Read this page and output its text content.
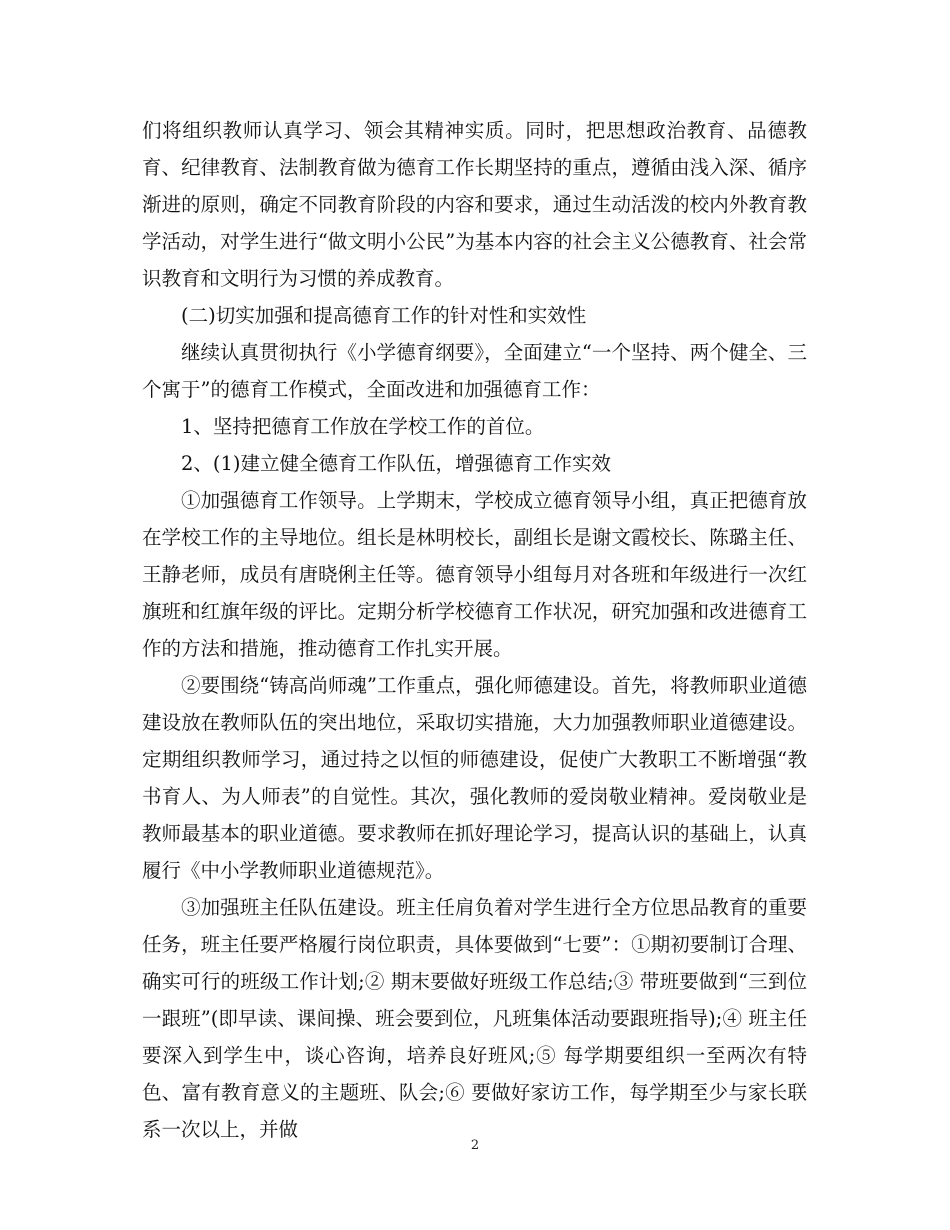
们将组织教师认真学习、领会其精神实质。同时，把思想政治教育、品德教育、纪律教育、法制教育做为德育工作长期坚持的重点，遵循由浅入深、循序渐进的原则，确定不同教育阶段的内容和要求，通过生动活泼的校内外教育教学活动，对学生进行“做文明小公民”为基本内容的社会主义公德教育、社会常识教育和文明行为习惯的养成教育。

(二)切实加强和提高德育工作的针对性和实效性

继续认真贯彻执行《小学德育纲要》，全面建立“一个坚持、两个健全、三个寓于”的德育工作模式，全面改进和加强德育工作：

1、坚持把德育工作放在学校工作的首位。

2、(1)建立健全德育工作队伍，增强德育工作实效

①加强德育工作领导。上学期末，学校成立德育领导小组，真正把德育放在学校工作的主导地位。组长是林明校长，副组长是谢文霞校长、陈璐主任、王静老师，成员有唐晓俐主任等。德育领导小组每月对各班和年级进行一次红旗班和红旗年级的评比。定期分析学校德育工作状况，研究加强和改进德育工作的方法和措施，推动德育工作扎实开展。

②要围绕“铸高尚师魂”工作重点，强化师德建设。首先，将教师职业道德建设放在教师队伍的突出地位，采取切实措施，大力加强教师职业道德建设。定期组织教师学习，通过持之以恒的师德建设，促使广大教职工不断增强“教书育人、为人师表”的自觉性。其次，强化教师的爱岗敬业精神。爱岗敬业是教师最基本的职业道德。要求教师在抓好理论学习，提高认识的基础上，认真履行《中小学教师职业道德规范》。

③加强班主任队伍建设。班主任肩负着对学生进行全方位思品教育的重要任务，班主任要严格履行岗位职责，具体要做到“七要”：①期初要制订合理、确实可行的班级工作计划;② 期末要做好班级工作总结;③ 带班要做到“三到位一跟班”(即早读、课间操、班会要到位，凡班集体活动要跟班指导);④ 班主任要深入到学生中，谈心咨询，培养良好班风;⑤ 每学期要组织一至两次有特色、富有教育意义的主题班、队会;⑥ 要做好家访工作，每学期至少与家长联系一次以上，并做

2
